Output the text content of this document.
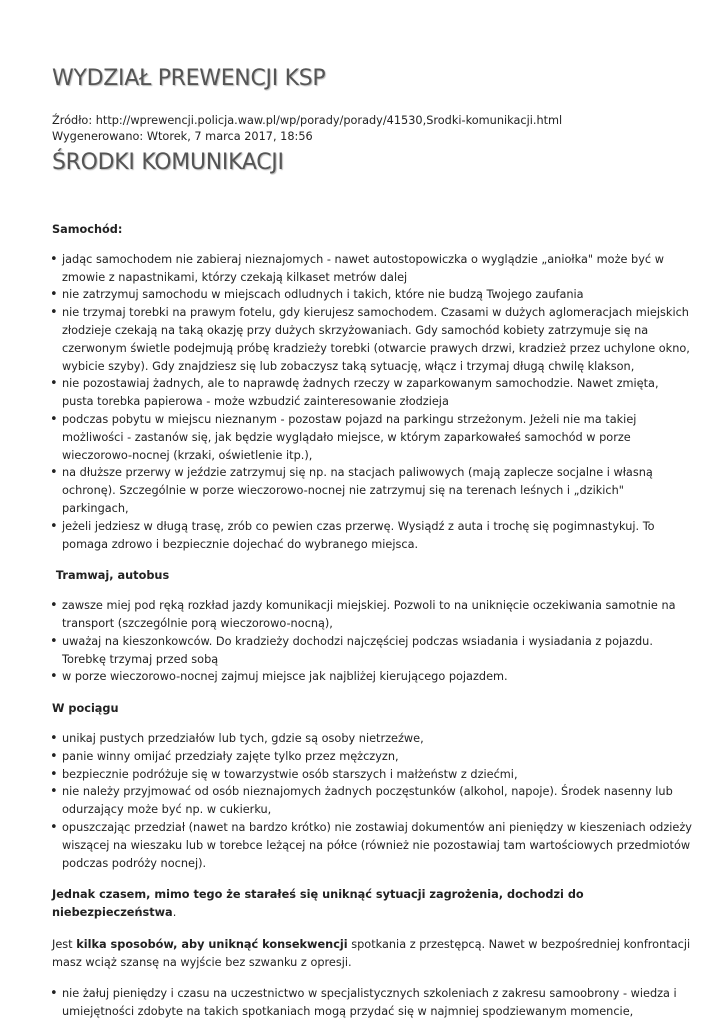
WYDZIAŁ PREWENCJI KSP
Źródło: http://wprewencji.policja.waw.pl/wp/porady/porady/41530,Srodki-komunikacji.html
Wygenerowano: Wtorek, 7 marca 2017, 18:56
ŚRODKI KOMUNIKACJI
Samochód:
• jadąc samochodem nie zabieraj nieznajomych - nawet autostopowiczka o wyglądzie „aniołka" może być w zmowie z napastnikami, którzy czekają kilkaset metrów dalej
• nie zatrzymuj samochodu w miejscach odludnych i takich, które nie budzą Twojego zaufania
• nie trzymaj torebki na prawym fotelu, gdy kierujesz samochodem. Czasami w dużych aglomeracjach miejskich złodzieje czekają na taką okazję przy dużych skrzyżowaniach. Gdy samochód kobiety zatrzymuje się na czerwonym świetle podejmują próbę kradzieży torebki (otwarcie prawych drzwi, kradzież przez uchylone okno, wybicie szyby). Gdy znajdziesz się lub zobaczysz taką sytuację, włącz i trzymaj długą chwilę klakson,
• nie pozostawiaj żadnych, ale to naprawdę żadnych rzeczy w zaparkowanym samochodzie. Nawet zmięta, pusta torebka papierowa - może wzbudzić zainteresowanie złodzieja
• podczas pobytu w miejscu nieznanym - pozostaw pojazd na parkingu strzeżonym. Jeżeli nie ma takiej możliwości - zastanów się, jak będzie wyglądało miejsce, w którym zaparkowałeś samochód w porze wieczorowo-nocnej (krzaki, oświetlenie itp.),
• na dłuższe przerwy w jeździe zatrzymuj się np. na stacjach paliwowych (mają zaplecze socjalne i własną ochronę). Szczególnie w porze wieczorowo-nocnej nie zatrzymuj się na terenach leśnych i „dzikich" parkingach,
• jeżeli jedziesz w długą trasę, zrób co pewien czas przerwę. Wysiądź z auta i trochę się pogimnastykuj. To pomaga zdrowo i bezpiecznie dojechać do wybranego miejsca.
Tramwaj, autobus
• zawsze miej pod ręką rozkład jazdy komunikacji miejskiej. Pozwoli to na uniknięcie oczekiwania samotnie na transport (szczególnie porą wieczorowo-nocną),
• uważaj na kieszonkowców. Do kradzieży dochodzi najczęściej podczas wsiadania i wysiadania z pojazdu. Torebkę trzymaj przed sobą
• w porze wieczorowo-nocnej zajmuj miejsce jak najbliżej kierującego pojazdem.
W pociągu
• unikaj pustych przedziałów lub tych, gdzie są osoby nietrzeźwe,
• panie winny omijać przedziały zajęte tylko przez mężczyzn,
• bezpiecznie podróżuje się w towarzystwie osób starszych i małżeństw z dziećmi,
• nie należy przyjmować od osób nieznajomych żadnych poczęstunków (alkohol, napoje). Środek nasenny lub odurzający może być np. w cukierku,
• opuszczając przedział (nawet na bardzo krótko) nie zostawiaj dokumentów ani pieniędzy w kieszeniach odzieży wiszącej na wieszaku lub w torebce leżącej na półce (również nie pozostawiaj tam wartościowych przedmiotów podczas podróży nocnej).

Jednak czasem, mimo tego że starałeś się uniknąć sytuacji zagrożenia, dochodzi do niebezpieczeństwa.

Jest kilka sposobów, aby uniknąć konsekwencji spotkania z przestępcą. Nawet w bezpośredniej konfrontacji masz wciąż szansę na wyjście bez szwanku z opresji.

• nie żałuj pieniędzy i czasu na uczestnictwo w specjalistycznych szkoleniach z zakresu samoobrony - wiedza i umiejętności zdobyte na takich spotkaniach mogą przydać się w najmniej spodziewanym momencie,
